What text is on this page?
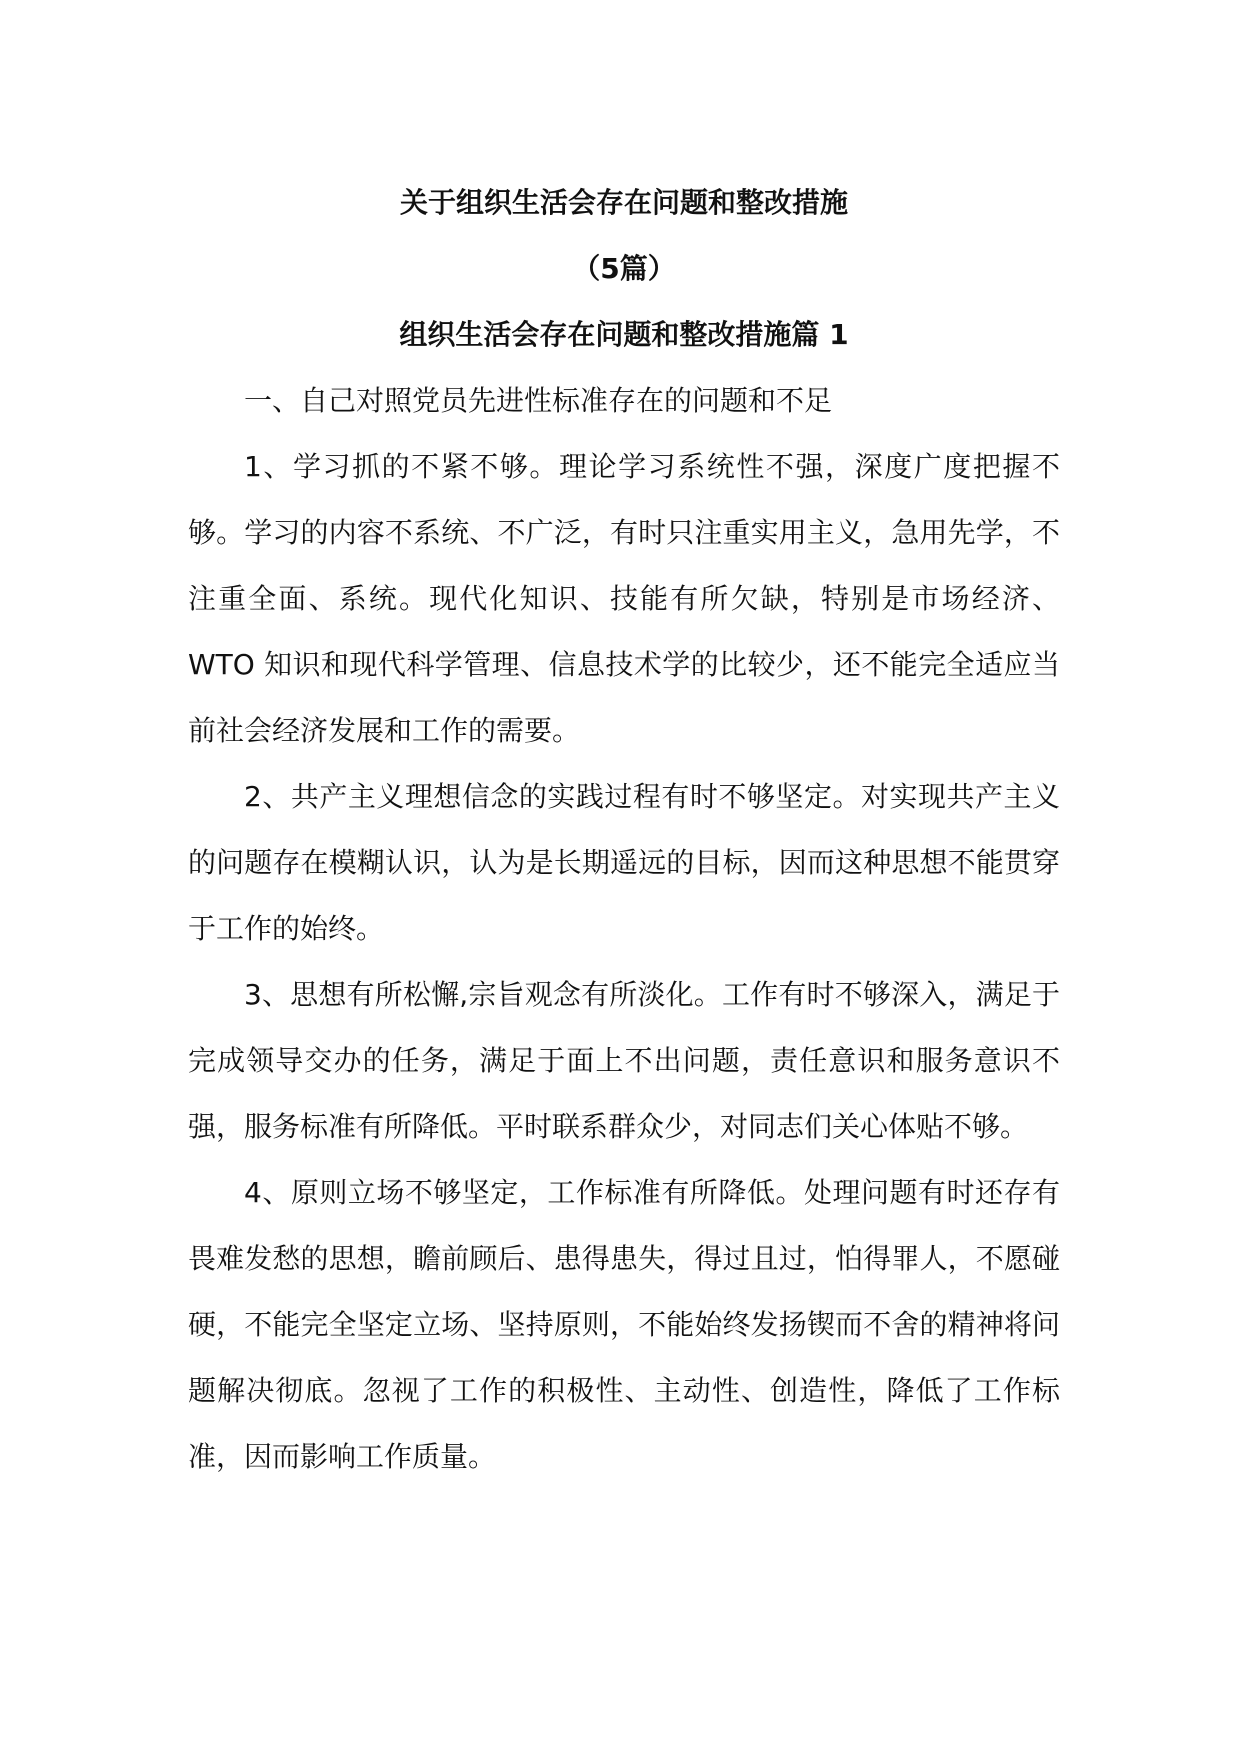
关于组织生活会存在问题和整改措施

（5篇）

组织生活会存在问题和整改措施篇 1

一、自己对照党员先进性标准存在的问题和不足

1、学习抓的不紧不够。理论学习系统性不强，深度广度把握不够。学习的内容不系统、不广泛，有时只注重实用主义，急用先学，不注重全面、系统。现代化知识、技能有所欠缺，特别是市场经济、WTO 知识和现代科学管理、信息技术学的比较少，还不能完全适应当前社会经济发展和工作的需要。

2、共产主义理想信念的实践过程有时不够坚定。对实现共产主义的问题存在模糊认识，认为是长期遥远的目标，因而这种思想不能贯穿于工作的始终。

3、思想有所松懈,宗旨观念有所淡化。工作有时不够深入，满足于完成领导交办的任务，满足于面上不出问题，责任意识和服务意识不强，服务标准有所降低。平时联系群众少，对同志们关心体贴不够。

4、原则立场不够坚定，工作标准有所降低。处理问题有时还存有畏难发愁的思想，瞻前顾后、患得患失，得过且过，怕得罪人，不愿碰硬，不能完全坚定立场、坚持原则，不能始终发扬锲而不舍的精神将问题解决彻底。忽视了工作的积极性、主动性、创造性，降低了工作标准，因而影响工作质量。
